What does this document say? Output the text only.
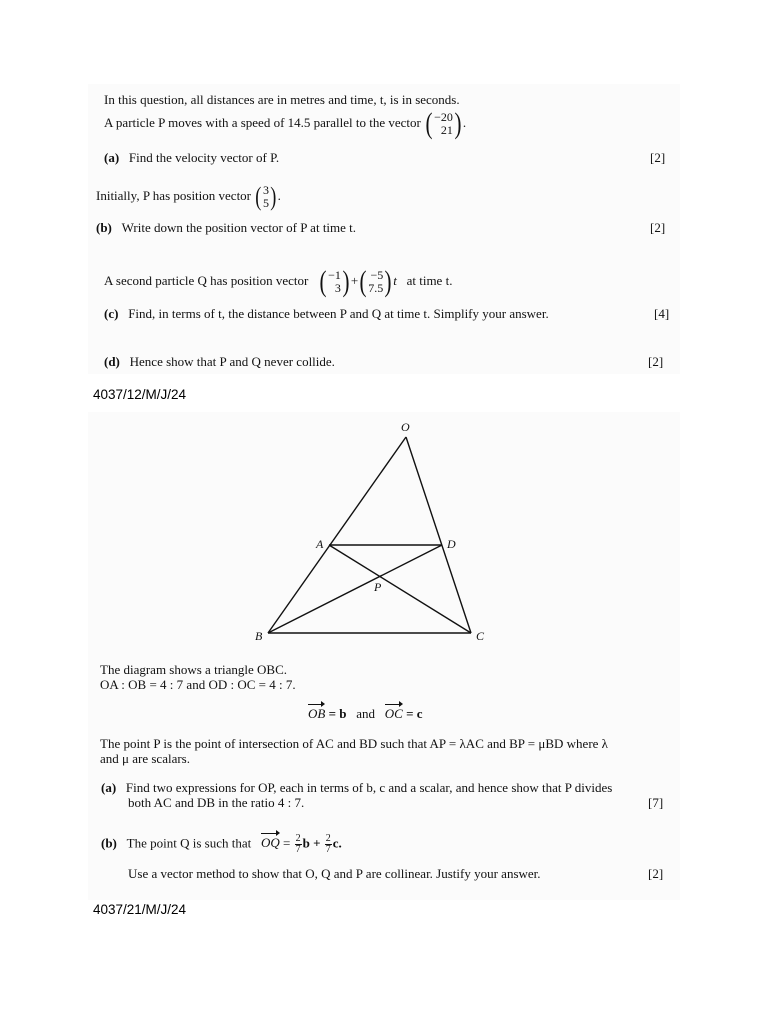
In this question, all distances are in metres and time, t, is in seconds.
A particle P moves with a speed of 14.5 parallel to the vector ( −20
21 ) .
(a) Find the velocity vector of P.	[2]
Initially, P has position vector ( 3
5 ) .
(b) Write down the position vector of P at time t.	[2]
A second particle Q has position vector ( −1
3 ) + ( −5
7.5 ) t at time t.
(c) Find, in terms of t, the distance between P and Q at time t. Simplify your answer.	[4]
(d) Hence show that P and Q never collide.	[2]
4037/12/M/J/24
O
A	D
P
B	C
The diagram shows a triangle OBC.
OA : OB = 4 : 7 and OD : OC = 4 : 7.
OB = b and OC = c
The point P is the point of intersection of AC and BD such that AP = λAC and BP = μBD where λ
and μ are scalars.
(a) Find two expressions for OP, each in terms of b, c and a scalar, and hence show that P divides
both AC and DB in the ratio 4 : 7.	[7]
(b) The point Q is such that OQ = $\frac{2}{7}$ $b + \frac{2}{7} c$.
Use a vector method to show that O, Q and P are collinear. Justify your answer.	[2]
4037/21/M/J/24
